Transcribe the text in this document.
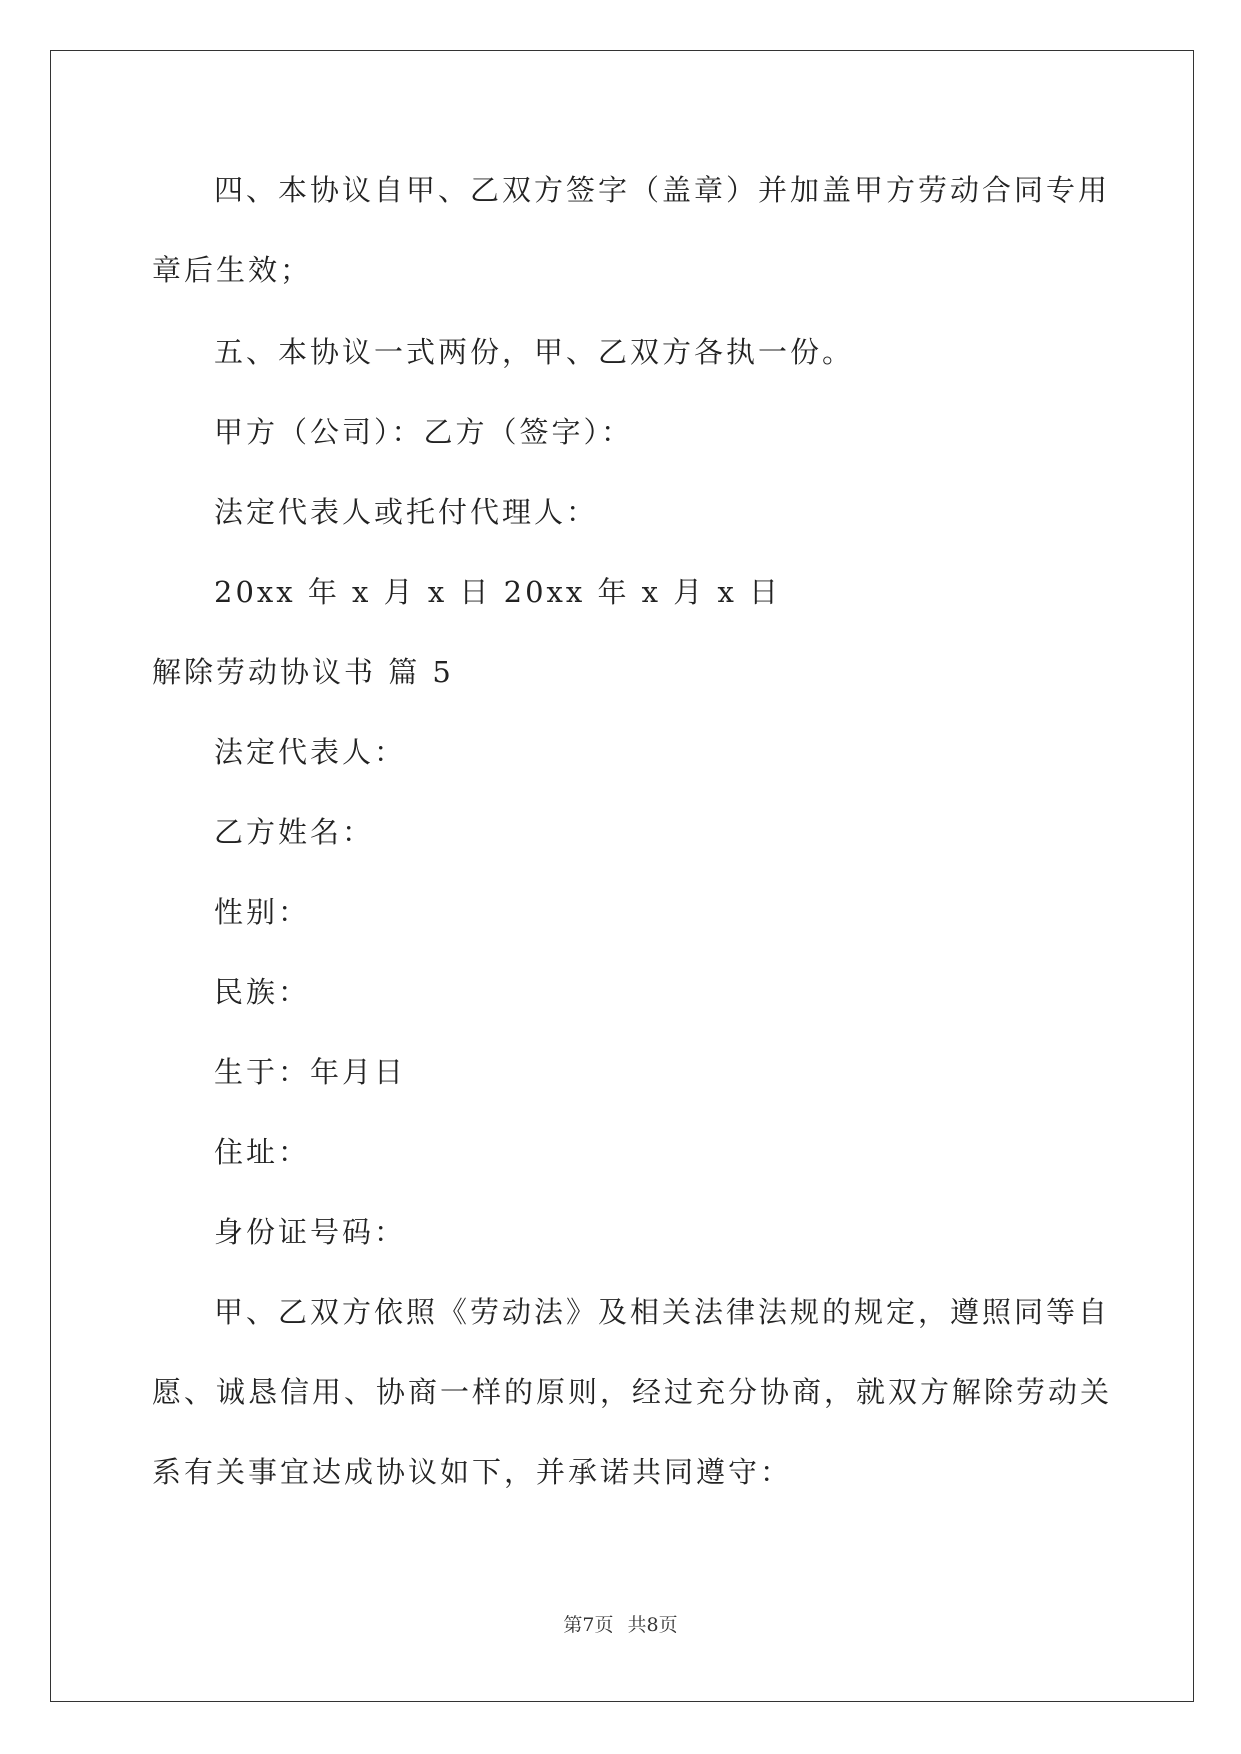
四、本协议自甲、乙双方签字（盖章）并加盖甲方劳动合同专用
章后生效；
五、本协议一式两份，甲、乙双方各执一份。
甲方（公司）：乙方（签字）：
法定代表人或托付代理人：
20xx 年 x 月 x 日 20xx 年 x 月 x 日
解除劳动协议书 篇 5
法定代表人：
乙方姓名：
性别：
民族：
生于：年月日
住址：
身份证号码：
甲、乙双方依照《劳动法》及相关法律法规的规定，遵照同等自
愿、诚恳信用、协商一样的原则，经过充分协商，就双方解除劳动关
系有关事宜达成协议如下，并承诺共同遵守：
第7页 共8页
